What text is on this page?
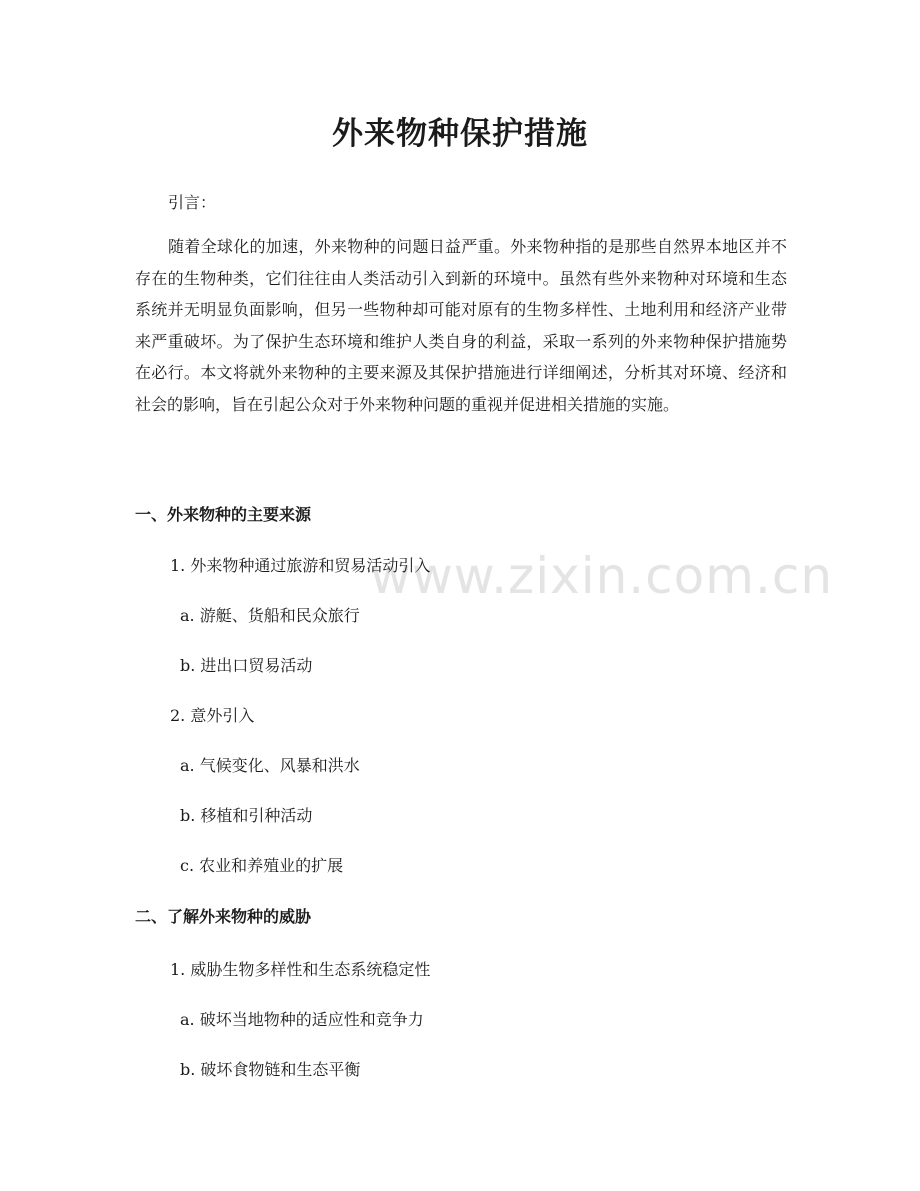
www.zixin.com.cn
外来物种保护措施
引言：

随着全球化的加速，外来物种的问题日益严重。外来物种指的是那些自然界本地区并不存在的生物种类，它们往往由人类活动引入到新的环境中。虽然有些外来物种对环境和生态系统并无明显负面影响，但另一些物种却可能对原有的生物多样性、土地利用和经济产业带来严重破坏。为了保护生态环境和维护人类自身的利益，采取一系列的外来物种保护措施势在必行。本文将就外来物种的主要来源及其保护措施进行详细阐述，分析其对环境、经济和社会的影响，旨在引起公众对于外来物种问题的重视并促进相关措施的实施。

一、外来物种的主要来源
1. 外来物种通过旅游和贸易活动引入
a. 游艇、货船和民众旅行
b. 进出口贸易活动
2. 意外引入
a. 气候变化、风暴和洪水
b. 移植和引种活动
c. 农业和养殖业的扩展
二、了解外来物种的威胁
1. 威胁生物多样性和生态系统稳定性
a. 破坏当地物种的适应性和竞争力
b. 破坏食物链和生态平衡
